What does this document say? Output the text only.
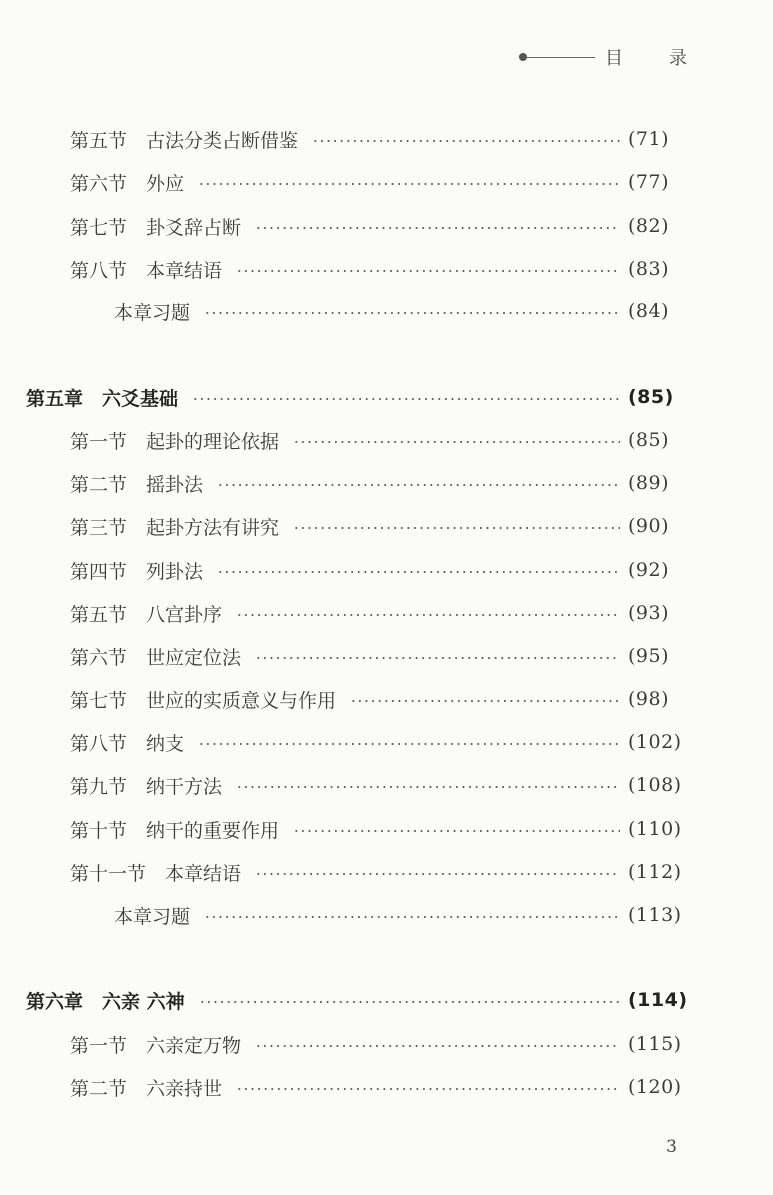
目　录
第五节　古法分类占断借鉴	(71)
第六节　外应	(77)
第七节　卦爻辞占断	(82)
第八节　本章结语	(83)
本章习题	(84)
第五章　六爻基础	(85)
第一节　起卦的理论依据	(85)
第二节　摇卦法	(89)
第三节　起卦方法有讲究	(90)
第四节　列卦法	(92)
第五节　八宫卦序	(93)
第六节　世应定位法	(95)
第七节　世应的实质意义与作用	(98)
第八节　纳支	(102)
第九节　纳干方法	(108)
第十节　纳干的重要作用	(110)
第十一节　本章结语	(112)
本章习题	(113)
第六章　六亲 六神	(114)
第一节　六亲定万物	(115)
第二节　六亲持世	(120)
3
